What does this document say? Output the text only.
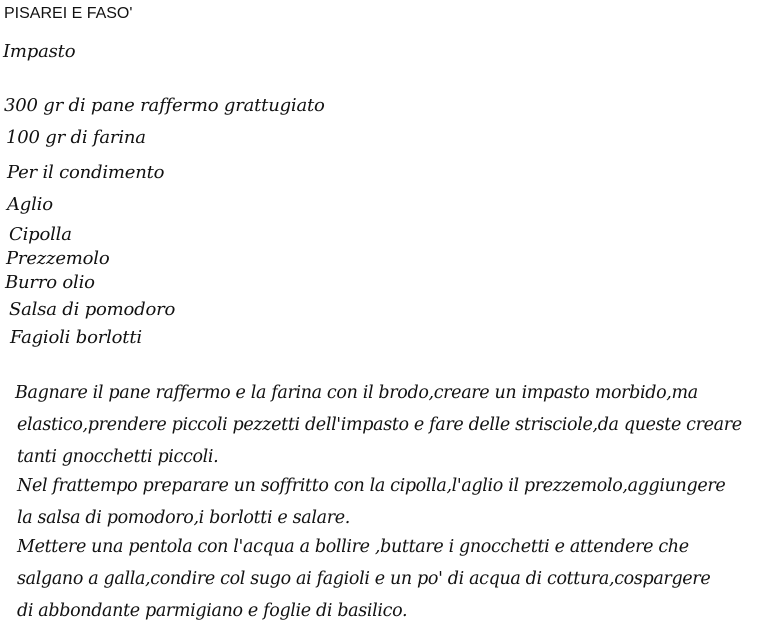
PISAREI E FASO'
Impasto
300 gr di pane raffermo grattugiato
100 gr di farina
Per il condimento
Aglio
Cipolla
Prezzemolo
Burro olio
Salsa di pomodoro
Fagioli borlotti
Bagnare il pane raffermo e la farina con il brodo,creare un impasto morbido,ma
elastico,prendere piccoli pezzetti dell'impasto e fare delle strisciole,da queste creare
tanti gnocchetti piccoli.
Nel frattempo preparare un soffritto con la cipolla,l'aglio il prezzemolo,aggiungere
la salsa di pomodoro,i borlotti e salare.
Mettere una pentola con l'acqua a bollire ,buttare i gnocchetti e attendere che
salgano a galla,condire col sugo ai fagioli e un po' di acqua di cottura,cospargere
di abbondante parmigiano e foglie di basilico.
